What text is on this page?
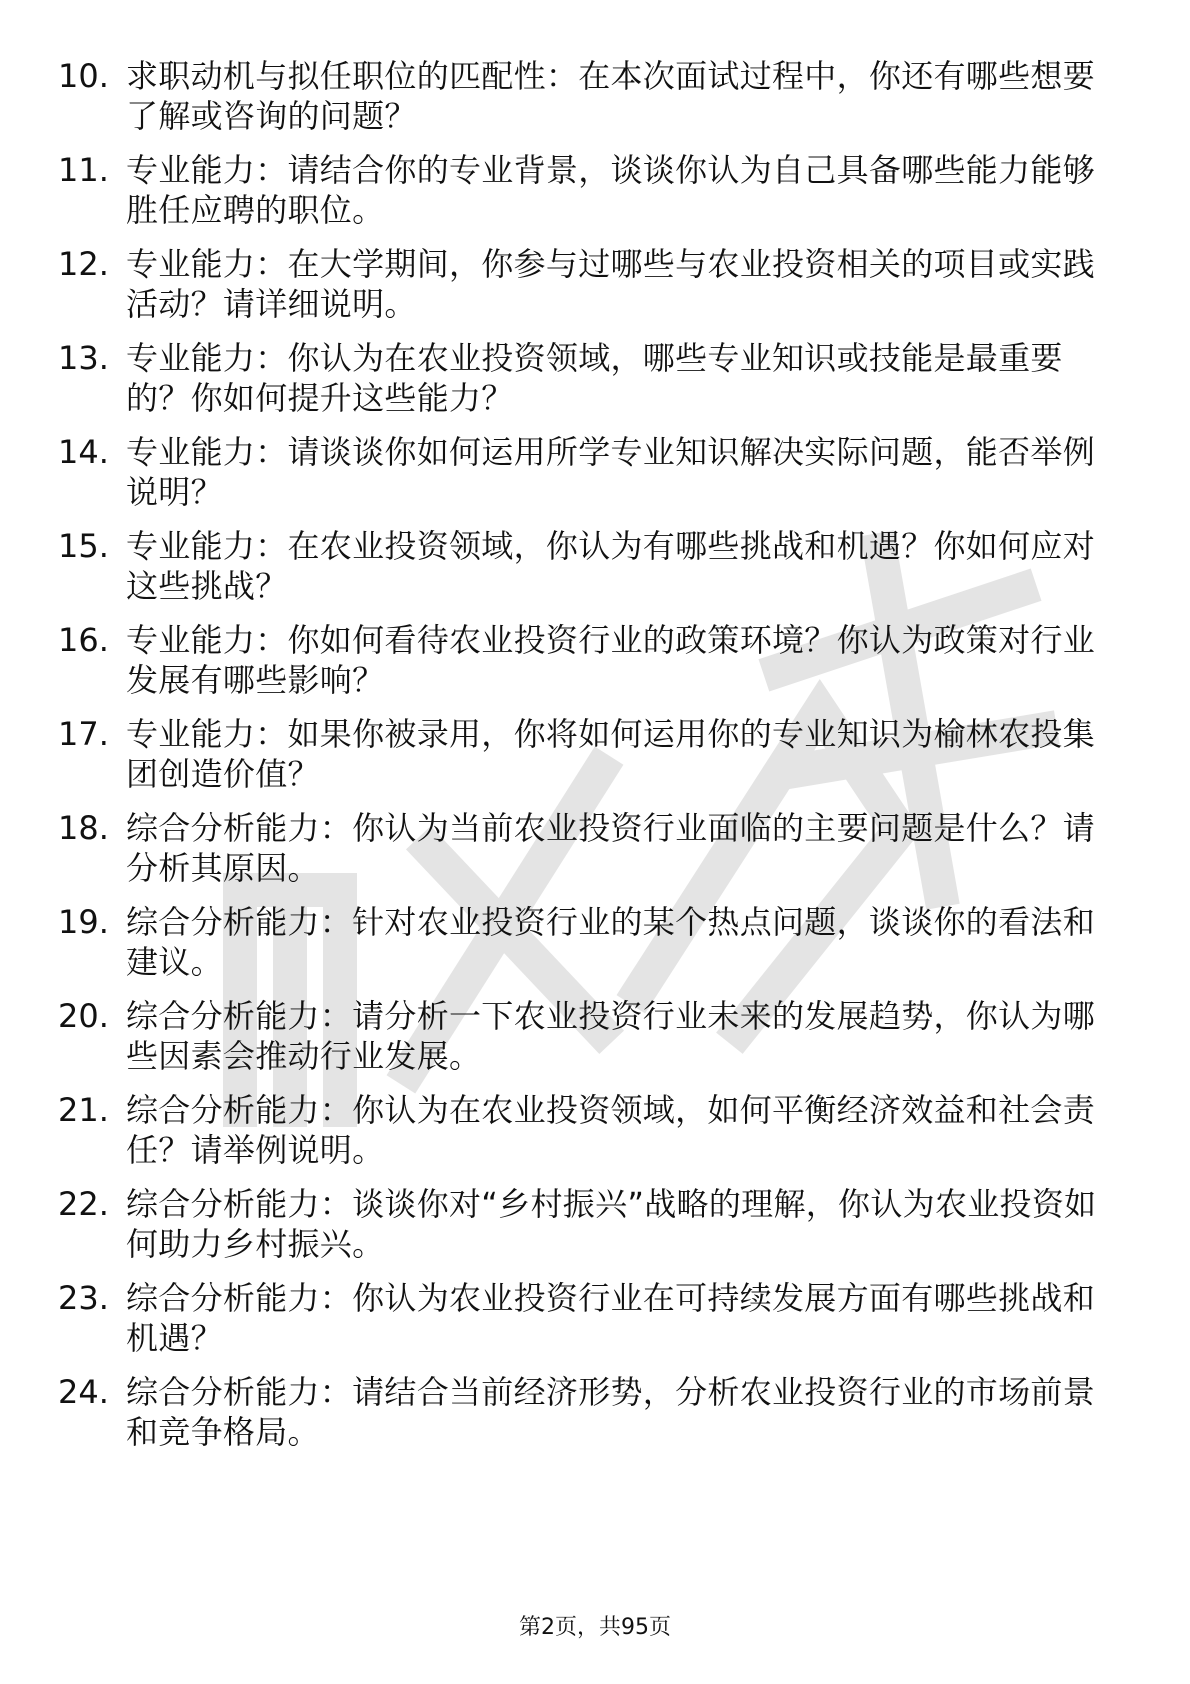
10. 求职动机与拟任职位的匹配性：在本次面试过程中，你还有哪些想要了解或咨询的问题？
11. 专业能力：请结合你的专业背景，谈谈你认为自己具备哪些能力能够胜任应聘的职位。
12. 专业能力：在大学期间，你参与过哪些与农业投资相关的项目或实践活动？请详细说明。
13. 专业能力：你认为在农业投资领域，哪些专业知识或技能是最重要的？你如何提升这些能力？
14. 专业能力：请谈谈你如何运用所学专业知识解决实际问题，能否举例说明？
15. 专业能力：在农业投资领域，你认为有哪些挑战和机遇？你如何应对这些挑战？
16. 专业能力：你如何看待农业投资行业的政策环境？你认为政策对行业发展有哪些影响？
17. 专业能力：如果你被录用，你将如何运用你的专业知识为榆林农投集团创造价值？
18. 综合分析能力：你认为当前农业投资行业面临的主要问题是什么？请分析其原因。
19. 综合分析能力：针对农业投资行业的某个热点问题，谈谈你的看法和建议。
20. 综合分析能力：请分析一下农业投资行业未来的发展趋势，你认为哪些因素会推动行业发展。
21. 综合分析能力：你认为在农业投资领域，如何平衡经济效益和社会责任？请举例说明。
22. 综合分析能力：谈谈你对“乡村振兴”战略的理解，你认为农业投资如何助力乡村振兴。
23. 综合分析能力：你认为农业投资行业在可持续发展方面有哪些挑战和机遇？
24. 综合分析能力：请结合当前经济形势，分析农业投资行业的市场前景和竞争格局。
第2页，共95页
